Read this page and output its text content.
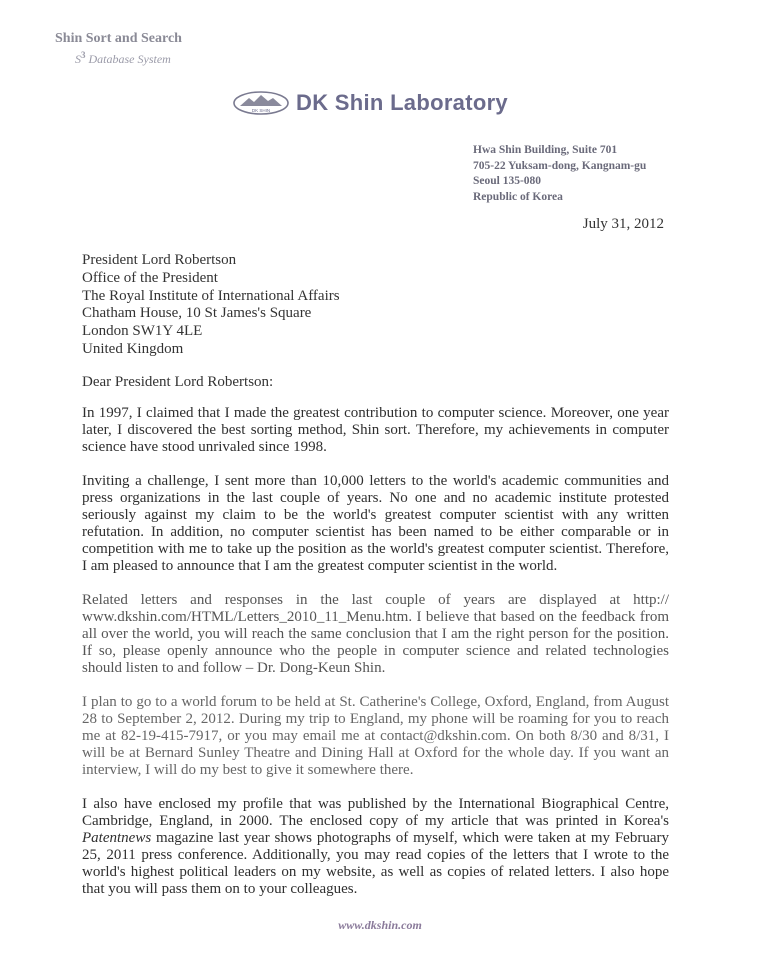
Shin Sort and Search
$S^3$ Database System
DK SHIN DK Shin Laboratory
Hwa Shin Building, Suite 701
705-22 Yuksam-dong, Kangnam-gu
Seoul 135-080
Republic of Korea
July 31, 2012
President Lord Robertson
Office of the President
The Royal Institute of International Affairs
Chatham House, 10 St James's Square
London SW1Y 4LE
United Kingdom
Dear President Lord Robertson:

In 1997, I claimed that I made the greatest contribution to computer science. Moreover, one year later, I discovered the best sorting method, Shin sort. Therefore, my achievements in computer science have stood unrivaled since 1998.

Inviting a challenge, I sent more than 10,000 letters to the world's academic communities and press organizations in the last couple of years. No one and no academic institute protested seriously against my claim to be the world's greatest computer scientist with any written refutation. In addition, no computer scientist has been named to be either comparable or in competition with me to take up the position as the world's greatest computer scientist. Therefore, I am pleased to announce that I am the greatest computer scientist in the world.

Related letters and responses in the last couple of years are displayed at http:// www.dkshin.com/HTML/Letters_2010_11_Menu.htm. I believe that based on the feedback from all over the world, you will reach the same conclusion that I am the right person for the position. If so, please openly announce who the people in computer science and related technologies should listen to and follow – Dr. Dong-Keun Shin.

I plan to go to a world forum to be held at St. Catherine's College, Oxford, England, from August 28 to September 2, 2012. During my trip to England, my phone will be roaming for you to reach me at 82-19-415-7917, or you may email me at contact@dkshin.com. On both 8/30 and 8/31, I will be at Bernard Sunley Theatre and Dining Hall at Oxford for the whole day. If you want an interview, I will do my best to give it somewhere there.

I also have enclosed my profile that was published by the International Biographical Centre, Cambridge, England, in 2000. The enclosed copy of my article that was printed in Korea's Patentnews magazine last year shows photographs of myself, which were taken at my February 25, 2011 press conference. Additionally, you may read copies of the letters that I wrote to the world's highest political leaders on my website, as well as copies of related letters. I also hope that you will pass them on to your colleagues.

www.dkshin.com
